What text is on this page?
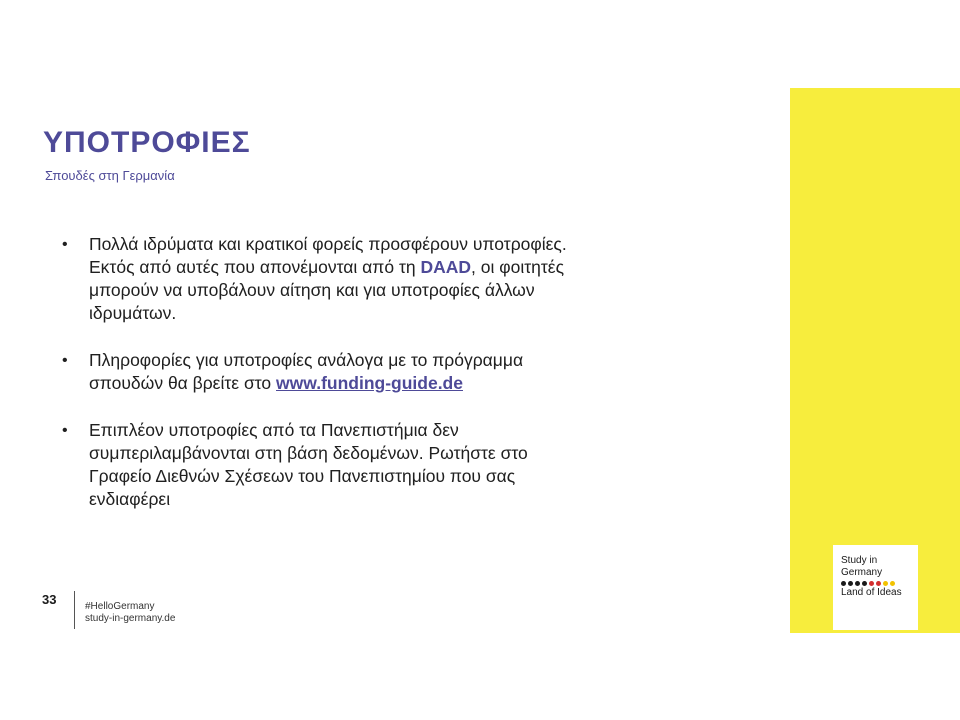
ΥΠΟΤΡΟΦΙΕΣ
Σπουδές στη Γερμανία
• Πολλά ιδρύματα και κρατικοί φορείς προσφέρουν υποτροφίες. Εκτός από αυτές που απονέμονται από τη DAAD, οι φοιτητές μπορούν να υποβάλουν αίτηση και για υποτροφίες άλλων ιδρυμάτων.
• Πληροφορίες για υποτροφίες ανάλογα με το πρόγραμμα σπουδών θα βρείτε στο www.funding-guide.de
• Επιπλέον υποτροφίες από τα Πανεπιστήμια δεν συμπεριλαμβάνονται στη βάση δεδομένων. Ρωτήστε στο Γραφείο Διεθνών Σχέσεων του Πανεπιστημίου που σας ενδιαφέρει
33	#HelloGermany
study-in-germany.de
Study in
Germany
Land of Ideas
